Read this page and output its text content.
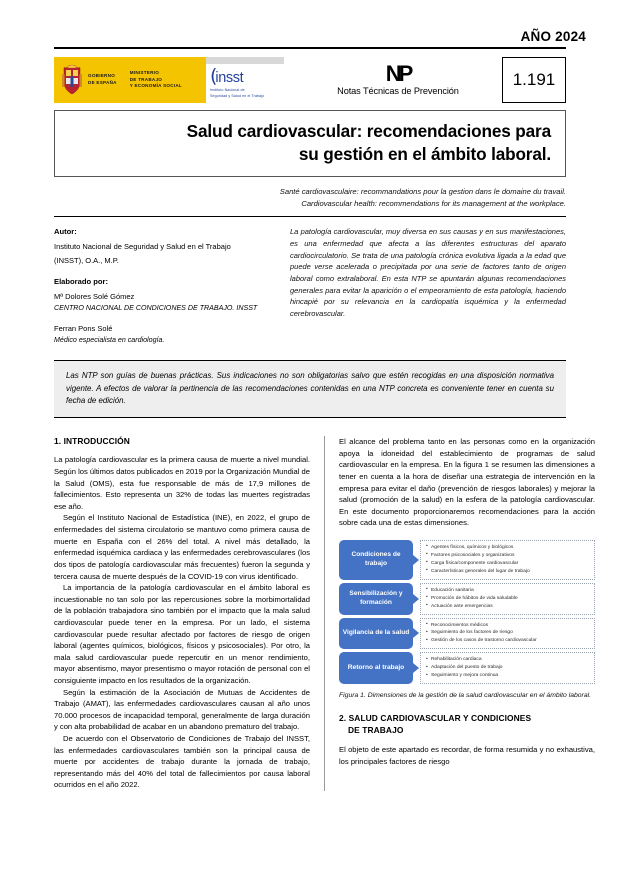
AÑO 2024
GOBIERNO
DE ESPAÑA
MINISTERIO
DE TRABAJO
Y ECONOMÍA SOCIAL (
insst
Instituto Nacional de
Seguridad y Salud en el Trabajo
NP
Notas Técnicas de Prevención
1.191
Salud cardiovascular: recomendaciones para
su gestión en el ámbito laboral.
Santé cardiovasculaire: recommandations pour la gestion dans le domaine du travail.
Cardiovascular health: recommendations for its management at the workplace.
Autor:
Instituto Nacional de Seguridad y Salud en el Trabajo
(INSST), O.A., M.P.
Elaborado por:
Mª Dolores Solé Gómez
CENTRO NACIONAL DE CONDICIONES DE TRABAJO. INSST
Ferran Pons Solé
Médico especialista en cardiología.
La patología cardiovascular, muy diversa en sus causas y en sus manifestaciones, es una enfermedad que afecta a las diferentes estructuras del aparato cardiocirculatorio. Se trata de una patología crónica evolutiva ligada a la edad que puede verse acelerada o precipitada por una serie de factores tanto de origen laboral como extralaboral. En esta NTP se apuntarán algunas recomendaciones generales para evitar la aparición o el empeoramiento de esta patología, haciendo hincapié por su relevancia en la cardiopatía isquémica y la enfermedad cerebrovascular.
Las NTP son guías de buenas prácticas. Sus indicaciones no son obligatorias salvo que estén recogidas en una disposición normativa vigente. A efectos de valorar la pertinencia de las recomendaciones contenidas en una NTP concreta es conveniente tener en cuenta su fecha de edición.
1. INTRODUCCIÓN

La patología cardiovascular es la primera causa de muerte a nivel mundial. Según los últimos datos publicados en 2019 por la Organización Mundial de la Salud (OMS), esta fue responsable de más de 17,9 millones de fallecimientos. Esto representa un 32% de todas las muertes registradas ese año.

Según el Instituto Nacional de Estadística (INE), en 2022, el grupo de enfermedades del sistema circulatorio se mantuvo como primera causa de muerte en España con el 26% del total. A nivel más detallado, la enfermedad isquémica cardiaca y las enfermedades cerebrovasculares (los dos tipos de patología cardiovascular más frecuentes) fueron la segunda y tercera causa de muerte después de la COVID-19 con virus identificado.

La importancia de la patología cardiovascular en el ámbito laboral es incuestionable no tan solo por las repercusiones sobre la morbimortalidad de la población trabajadora sino también por el impacto que la mala salud cardiovascular puede tener en la empresa. Por un lado, el sistema cardiovascular puede resultar afectado por factores de riesgo de origen laboral (agentes químicos, biológicos, físicos y psicosociales). Por otro, la mala salud cardiovascular puede repercutir en un menor rendimiento, mayor absentismo, mayor presentismo o mayor rotación de personal con el consiguiente impacto en los resultados de la organización.

Según la estimación de la Asociación de Mutuas de Accidentes de Trabajo (AMAT), las enfermedades cardiovasculares causan al año unos 70.000 procesos de incapacidad temporal, generalmente de larga duración y con alta probabilidad de acabar en un abandono prematuro del trabajo.

De acuerdo con el Observatorio de Condiciones de Trabajo del INSST, las enfermedades cardiovasculares también son la principal causa de muerte por accidentes de trabajo durante la jornada de trabajo, representando más del 40% del total de fallecimientos por causa laboral ocurridos en el año 2022.

El alcance del problema tanto en las personas como en la organización apoya la idoneidad del establecimiento de programas de salud cardiovascular en la empresa. En la figura 1 se resumen las dimensiones a tener en cuenta a la hora de diseñar una estrategia de intervención en la empresa para evitar el daño (prevención de riesgos laborales) y mejorar la salud (promoción de la salud) en la esfera de la patología cardiovascular. En este documento proporcionaremos recomendaciones para la acción sobre cada una de estas dimensiones.

Condiciones de trabajo
• Agentes físicos, químicos y biológicos
• Factores psicosociales y organizativos
• Carga física/componente cardiovascular
• Características generales del lugar de trabajo
Sensibilización y formación
• Educación sanitaria
• Promoción de hábitos de vida saludable
• Actuación ante emergencias
Vigilancia de la salud
• Reconocimientos médicos
• Seguimiento de los factores de riesgo
• Gestión de los casos de trastorno cardiovascular
Retorno al trabajo
• Rehabilitación cardiaca
• Adaptación del puesto de trabajo
• Seguimiento y mejora continua
Figura 1. Dimensiones de la gestión de la salud cardiovascular en el ámbito laboral.
2. SALUD CARDIOVASCULAR Y CONDICIONES
DE TRABAJO

El objeto de este apartado es recordar, de forma resumida y no exhaustiva, los principales factores de riesgo
